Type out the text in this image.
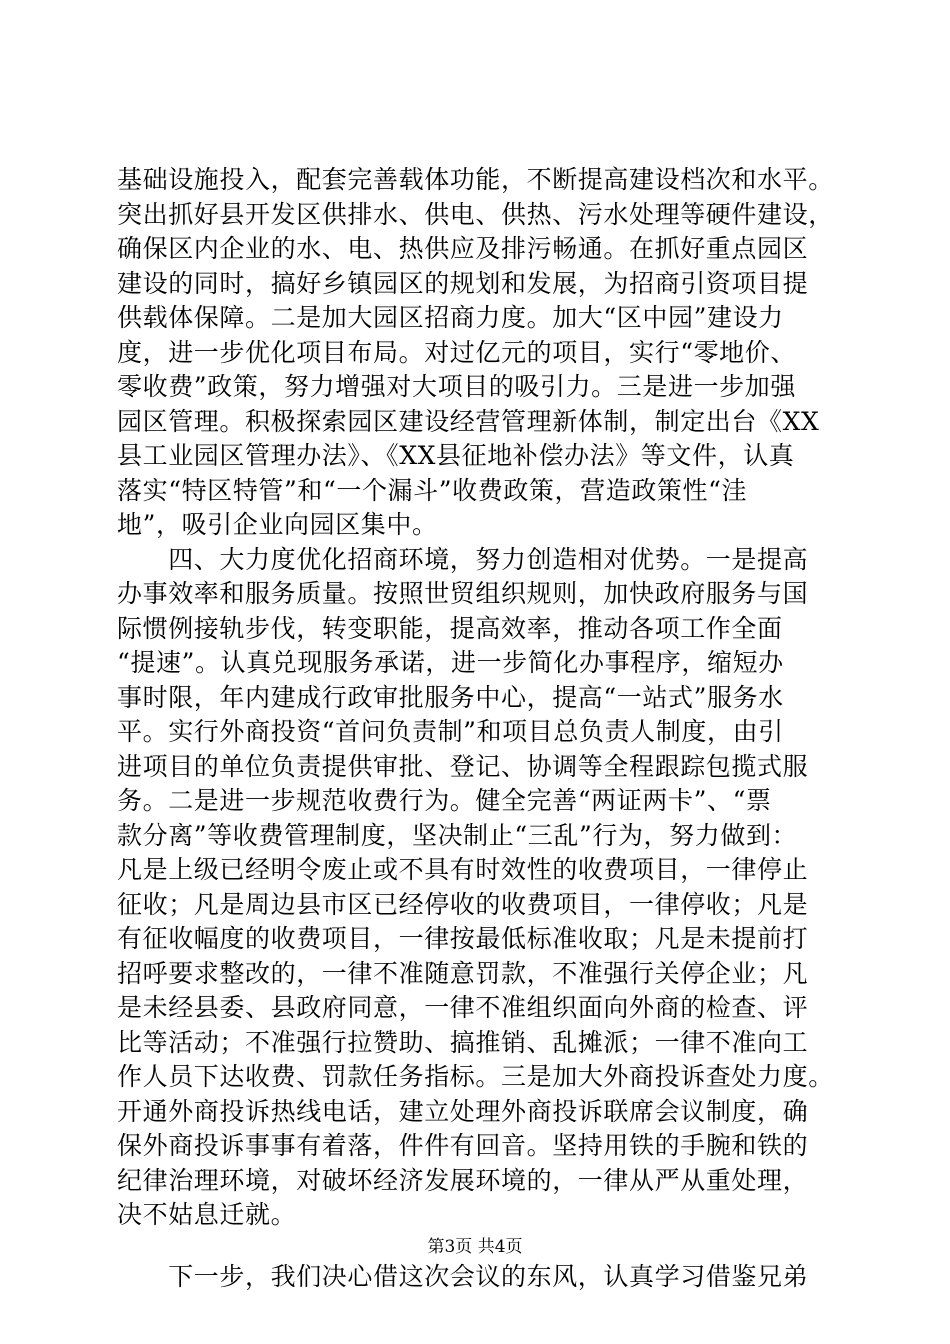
基础设施投入，配套完善载体功能，不断提高建设档次和水平。
突出抓好县开发区供排水、供电、供热、污水处理等硬件建设，
确保区内企业的水、电、热供应及排污畅通。在抓好重点园区
建设的同时，搞好乡镇园区的规划和发展，为招商引资项目提
供载体保障。二是加大园区招商力度。加大“区中园”建设力
度，进一步优化项目布局。对过亿元的项目，实行“零地价、
零收费”政策，努力增强对大项目的吸引力。三是进一步加强
园区管理。积极探索园区建设经营管理新体制，制定出台《XX
县工业园区管理办法》、《XX县征地补偿办法》等文件，认真
落实“特区特管”和“一个漏斗”收费政策，营造政策性“洼
地”，吸引企业向园区集中。
　　四、大力度优化招商环境，努力创造相对优势。一是提高
办事效率和服务质量。按照世贸组织规则，加快政府服务与国
际惯例接轨步伐，转变职能，提高效率，推动各项工作全面
“提速”。认真兑现服务承诺，进一步简化办事程序，缩短办
事时限，年内建成行政审批服务中心，提高“一站式”服务水
平。实行外商投资“首问负责制”和项目总负责人制度，由引
进项目的单位负责提供审批、登记、协调等全程跟踪包揽式服
务。二是进一步规范收费行为。健全完善“两证两卡”、“票
款分离”等收费管理制度，坚决制止“三乱”行为，努力做到：
凡是上级已经明令废止或不具有时效性的收费项目，一律停止
征收；凡是周边县市区已经停收的收费项目，一律停收；凡是
有征收幅度的收费项目，一律按最低标准收取；凡是未提前打
招呼要求整改的，一律不准随意罚款，不准强行关停企业；凡
是未经县委、县政府同意，一律不准组织面向外商的检查、评
比等活动；不准强行拉赞助、搞推销、乱摊派；一律不准向工
作人员下达收费、罚款任务指标。三是加大外商投诉查处力度。
开通外商投诉热线电话，建立处理外商投诉联席会议制度，确
保外商投诉事事有着落，件件有回音。坚持用铁的手腕和铁的
纪律治理环境，对破坏经济发展环境的，一律从严从重处理，
决不姑息迁就。
　　下一步，我们决心借这次会议的东风，认真学习借鉴兄弟
第3页 共4页
